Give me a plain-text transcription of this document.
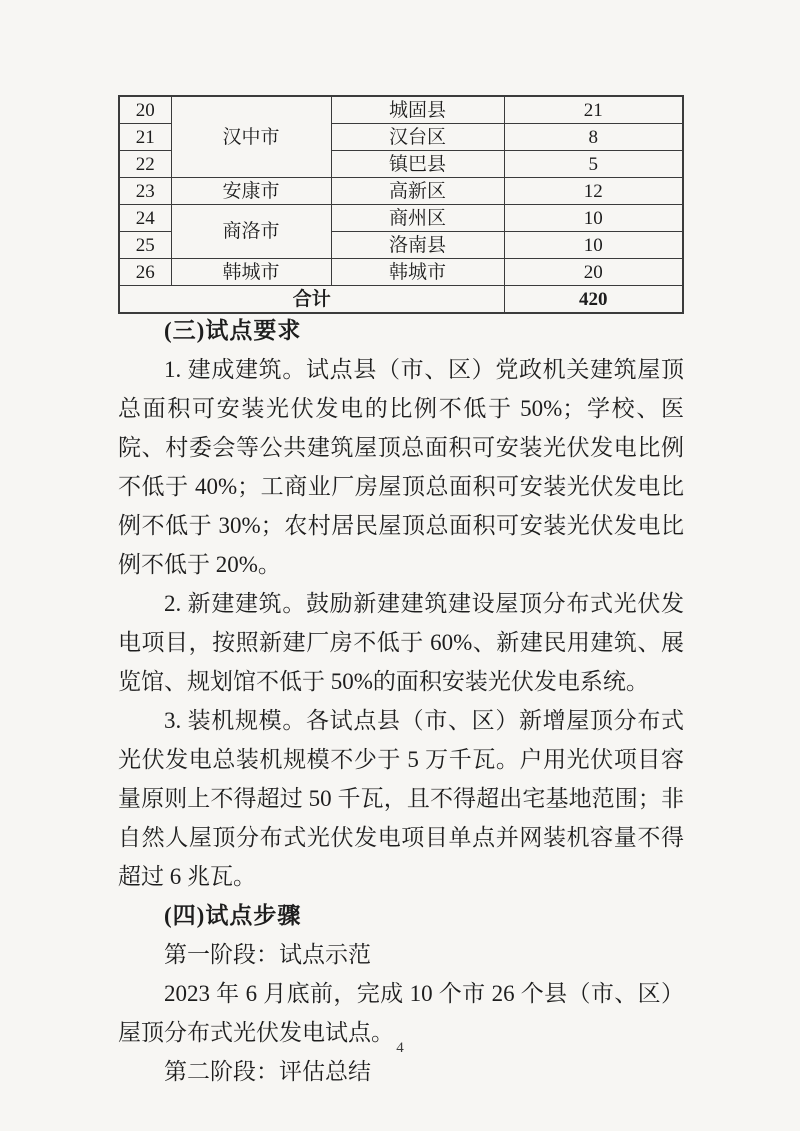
20	汉中市	城固县	21
21		汉台区	8
22		镇巴县	5
23	安康市	高新区	12
24	商洛市	商州区	10
25		洛南县	10
26	韩城市	韩城市	20
合计			420
(三)试点要求

1. 建成建筑。试点县（市、区）党政机关建筑屋顶总面积可安装光伏发电的比例不低于 50%；学校、医院、村委会等公共建筑屋顶总面积可安装光伏发电比例不低于 40%；工商业厂房屋顶总面积可安装光伏发电比例不低于 30%；农村居民屋顶总面积可安装光伏发电比例不低于 20%。

2. 新建建筑。鼓励新建建筑建设屋顶分布式光伏发电项目，按照新建厂房不低于 60%、新建民用建筑、展览馆、规划馆不低于 50%的面积安装光伏发电系统。

3. 装机规模。各试点县（市、区）新增屋顶分布式光伏发电总装机规模不少于 5 万千瓦。户用光伏项目容量原则上不得超过 50 千瓦，且不得超出宅基地范围；非自然人屋顶分布式光伏发电项目单点并网装机容量不得超过 6 兆瓦。

(四)试点步骤

第一阶段：试点示范

2023 年 6 月底前，完成 10 个市 26 个县（市、区）屋顶分布式光伏发电试点。

第二阶段：评估总结

4
